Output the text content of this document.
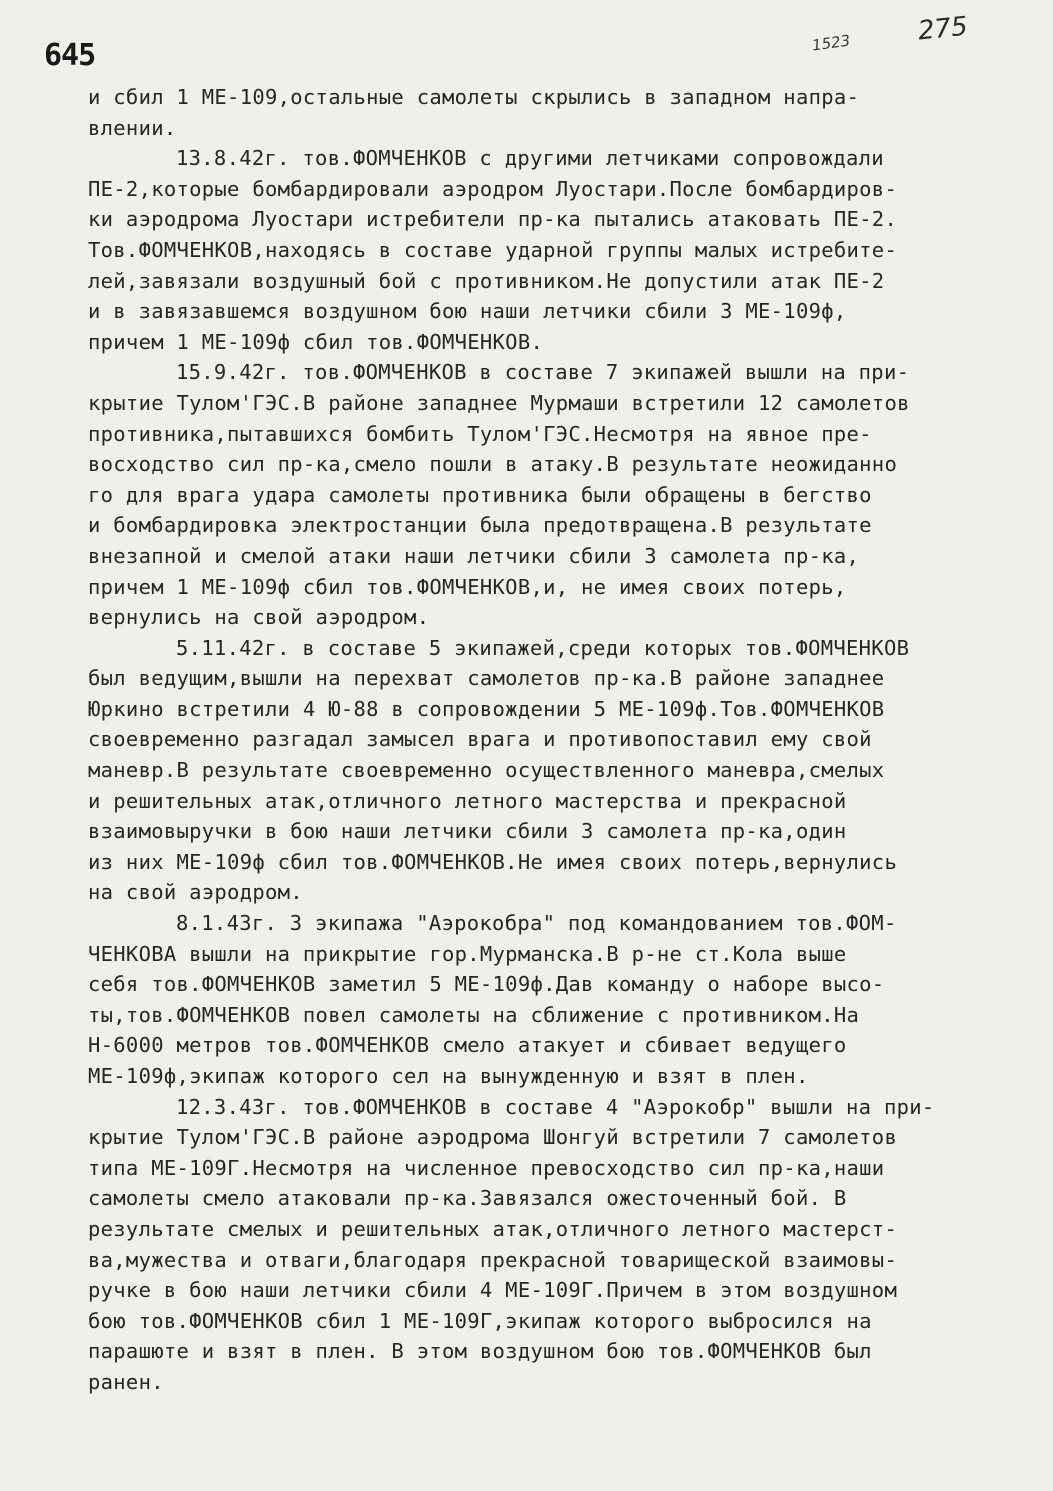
645	1523	275
и сбил 1 МЕ-109,остальные самолеты скрылись в западном напра-
влении.
13.8.42г. тов.ФОМЧЕНКОВ с другими летчиками сопровождали
ПЕ-2,которые бомбардировали аэродром Луостари.После бомбардиров-
ки аэродрома Луостари истребители пр-ка пытались атаковать ПЕ-2.
Тов.ФОМЧЕНКОВ,находясь в составе ударной группы малых истребите-
лей,завязали воздушный бой с противником.Не допустили атак ПЕ-2
и в завязавшемся воздушном бою наши летчики сбили 3 МЕ-109ф,
причем 1 МЕ-109ф сбил тов.ФОМЧЕНКОВ.
15.9.42г. тов.ФОМЧЕНКОВ в составе 7 экипажей вышли на при-
крытие Тулом'ГЭС.В районе западнее Мурмаши встретили 12 самолетов
противника,пытавшихся бомбить Тулом'ГЭС.Несмотря на явное пре-
восходство сил пр-ка,смело пошли в атаку.В результате неожиданно
го для врага удара самолеты противника были обращены в бегство
и бомбардировка электростанции была предотвращена.В результате
внезапной и смелой атаки наши летчики сбили 3 самолета пр-ка,
причем 1 МЕ-109ф сбил тов.ФОМЧЕНКОВ,и, не имея своих потерь,
вернулись на свой аэродром.
5.11.42г. в составе 5 экипажей,среди которых тов.ФОМЧЕНКОВ
был ведущим,вышли на перехват самолетов пр-ка.В районе западнее
Юркино встретили 4 Ю-88 в сопровождении 5 МЕ-109ф.Тов.ФОМЧЕНКОВ
своевременно разгадал замысел врага и противопоставил ему свой
маневр.В результате своевременно осуществленного маневра,смелых
и решительных атак,отличного летного мастерства и прекрасной
взаимовыручки в бою наши летчики сбили 3 самолета пр-ка,один
из них МЕ-109ф сбил тов.ФОМЧЕНКОВ.Не имея своих потерь,вернулись
на свой аэродром.
8.1.43г. 3 экипажа "Аэрокобра" под командованием тов.ФОМ-
ЧЕНКОВА вышли на прикрытие гор.Мурманска.В р-не ст.Кола выше
себя тов.ФОМЧЕНКОВ заметил 5 МЕ-109ф.Дав команду о наборе высо-
ты,тов.ФОМЧЕНКОВ повел самолеты на сближение с противником.На
Н-6000 метров тов.ФОМЧЕНКОВ смело атакует и сбивает ведущего
МЕ-109ф,экипаж которого сел на вынужденную и взят в плен.
12.3.43г. тов.ФОМЧЕНКОВ в составе 4 "Аэрокобр" вышли на при-
крытие Тулом'ГЭС.В районе аэродрома Шонгуй встретили 7 самолетов
типа МЕ-109Г.Несмотря на численное превосходство сил пр-ка,наши
самолеты смело атаковали пр-ка.Завязался ожесточенный бой. В
результате смелых и решительных атак,отличного летного мастерст-
ва,мужества и отваги,благодаря прекрасной товарищеской взаимовы-
ручке в бою наши летчики сбили 4 МЕ-109Г.Причем в этом воздушном
бою тов.ФОМЧЕНКОВ сбил 1 МЕ-109Г,экипаж которого выбросился на
парашюте и взят в плен. В этом воздушном бою тов.ФОМЧЕНКОВ был
ранен.
